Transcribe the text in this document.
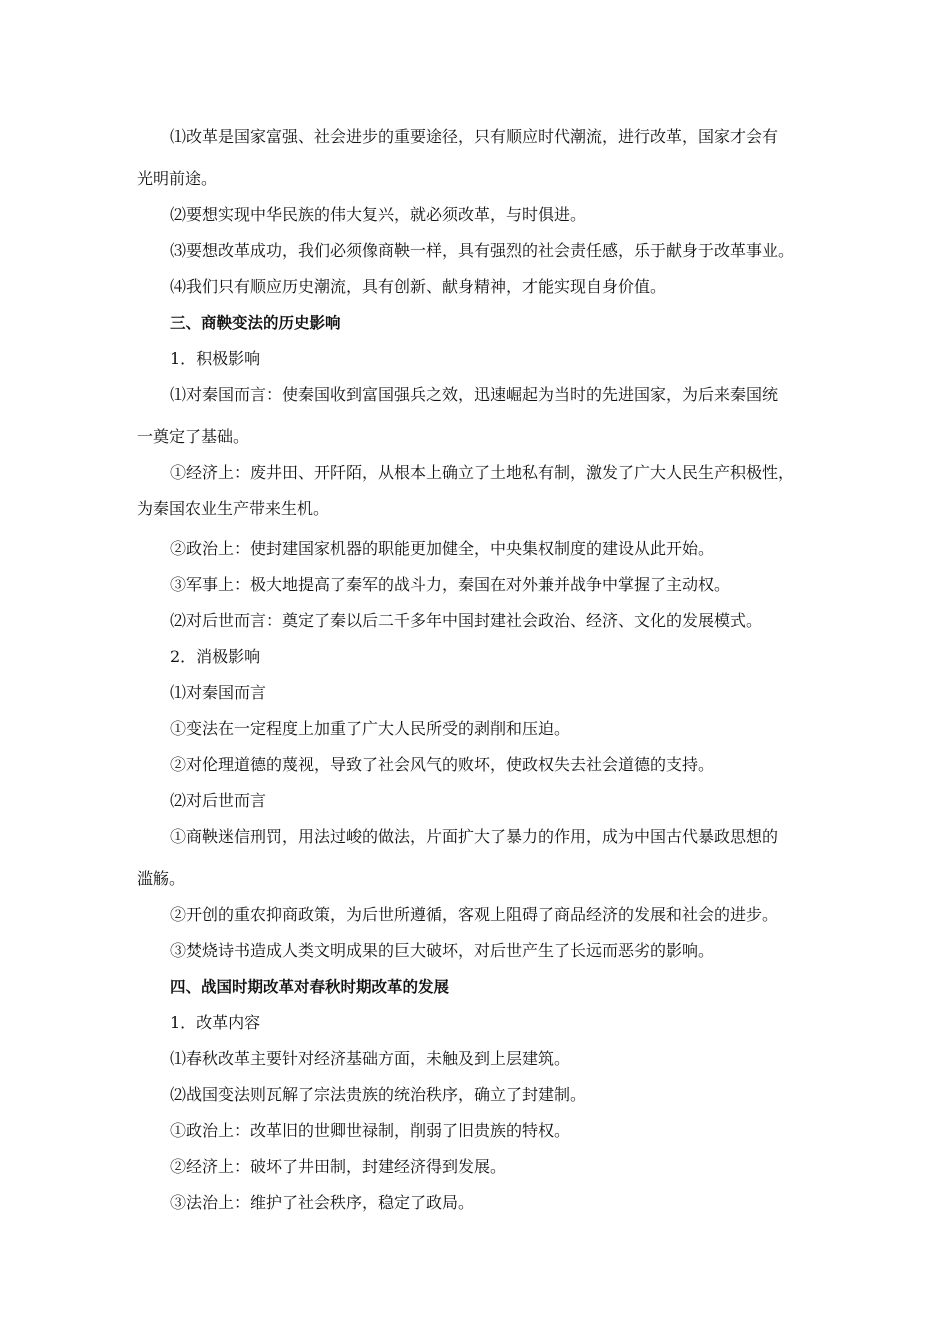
⑴改革是国家富强、社会进步的重要途径，只有顺应时代潮流，进行改革，国家才会有
光明前途。
⑵要想实现中华民族的伟大复兴，就必须改革，与时俱进。
⑶要想改革成功，我们必须像商鞅一样，具有强烈的社会责任感，乐于献身于改革事业。
⑷我们只有顺应历史潮流，具有创新、献身精神，才能实现自身价值。
三、商鞅变法的历史影响
1．积极影响
⑴对秦国而言：使秦国收到富国强兵之效，迅速崛起为当时的先进国家，为后来秦国统
一奠定了基础。
①经济上：废井田、开阡陌，从根本上确立了土地私有制，激发了广大人民生产积极性，
为秦国农业生产带来生机。
②政治上：使封建国家机器的职能更加健全，中央集权制度的建设从此开始。
③军事上：极大地提高了秦军的战斗力，秦国在对外兼并战争中掌握了主动权。
⑵对后世而言：奠定了秦以后二千多年中国封建社会政治、经济、文化的发展模式。
2．消极影响
⑴对秦国而言
①变法在一定程度上加重了广大人民所受的剥削和压迫。
②对伦理道德的蔑视，导致了社会风气的败坏，使政权失去社会道德的支持。
⑵对后世而言
①商鞅迷信刑罚，用法过峻的做法，片面扩大了暴力的作用，成为中国古代暴政思想的
滥觞。
②开创的重农抑商政策，为后世所遵循，客观上阻碍了商品经济的发展和社会的进步。
③焚烧诗书造成人类文明成果的巨大破坏，对后世产生了长远而恶劣的影响。
四、战国时期改革对春秋时期改革的发展
1．改革内容
⑴春秋改革主要针对经济基础方面，未触及到上层建筑。
⑵战国变法则瓦解了宗法贵族的统治秩序，确立了封建制。
①政治上：改革旧的世卿世禄制，削弱了旧贵族的特权。
②经济上：破坏了井田制，封建经济得到发展。
③法治上：维护了社会秩序，稳定了政局。
